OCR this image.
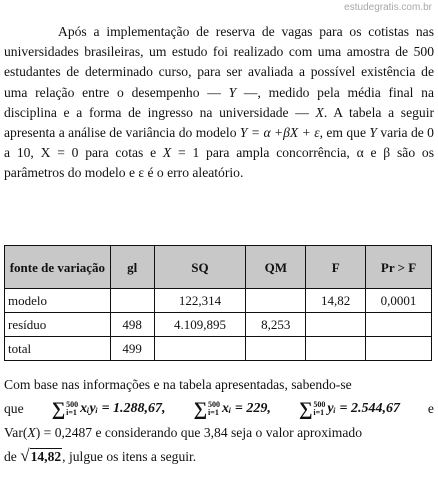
estudegratis.com.br

Após a implementação de reserva de vagas para os cotistas nas universidades brasileiras, um estudo foi realizado com uma amostra de 500 estudantes de determinado curso, para ser avaliada a possível existência de uma relação entre o desempenho — Y —, medido pela média final na disciplina e a forma de ingresso na universidade — X. A tabela a seguir apresenta a análise de variância do modelo Y = α +βX + ε, em que Y varia de 0 a 10, X = 0 para cotas e X = 1 para ampla concorrência, α e β são os parâmetros do modelo e ε é o erro aleatório.

fonte de variação	gl	SQ	QM	F	Pr > F
modelo		122,314		14,82	0,0001
resíduo	498	4.109,895	8,253		
total	499				
Com base nas informações e na tabela apresentadas, sabendo-se
que ∑ 500
i=1 xᵢyᵢ = 1.288,67, ∑ 500
i=1 xᵢ = 229, ∑ 500
i=1 yᵢ = 2.544,67 e
Var(X) = 0,2487 e considerando que 3,84 seja o valor aproximado
de √ 14,82 , julgue os itens a seguir.
